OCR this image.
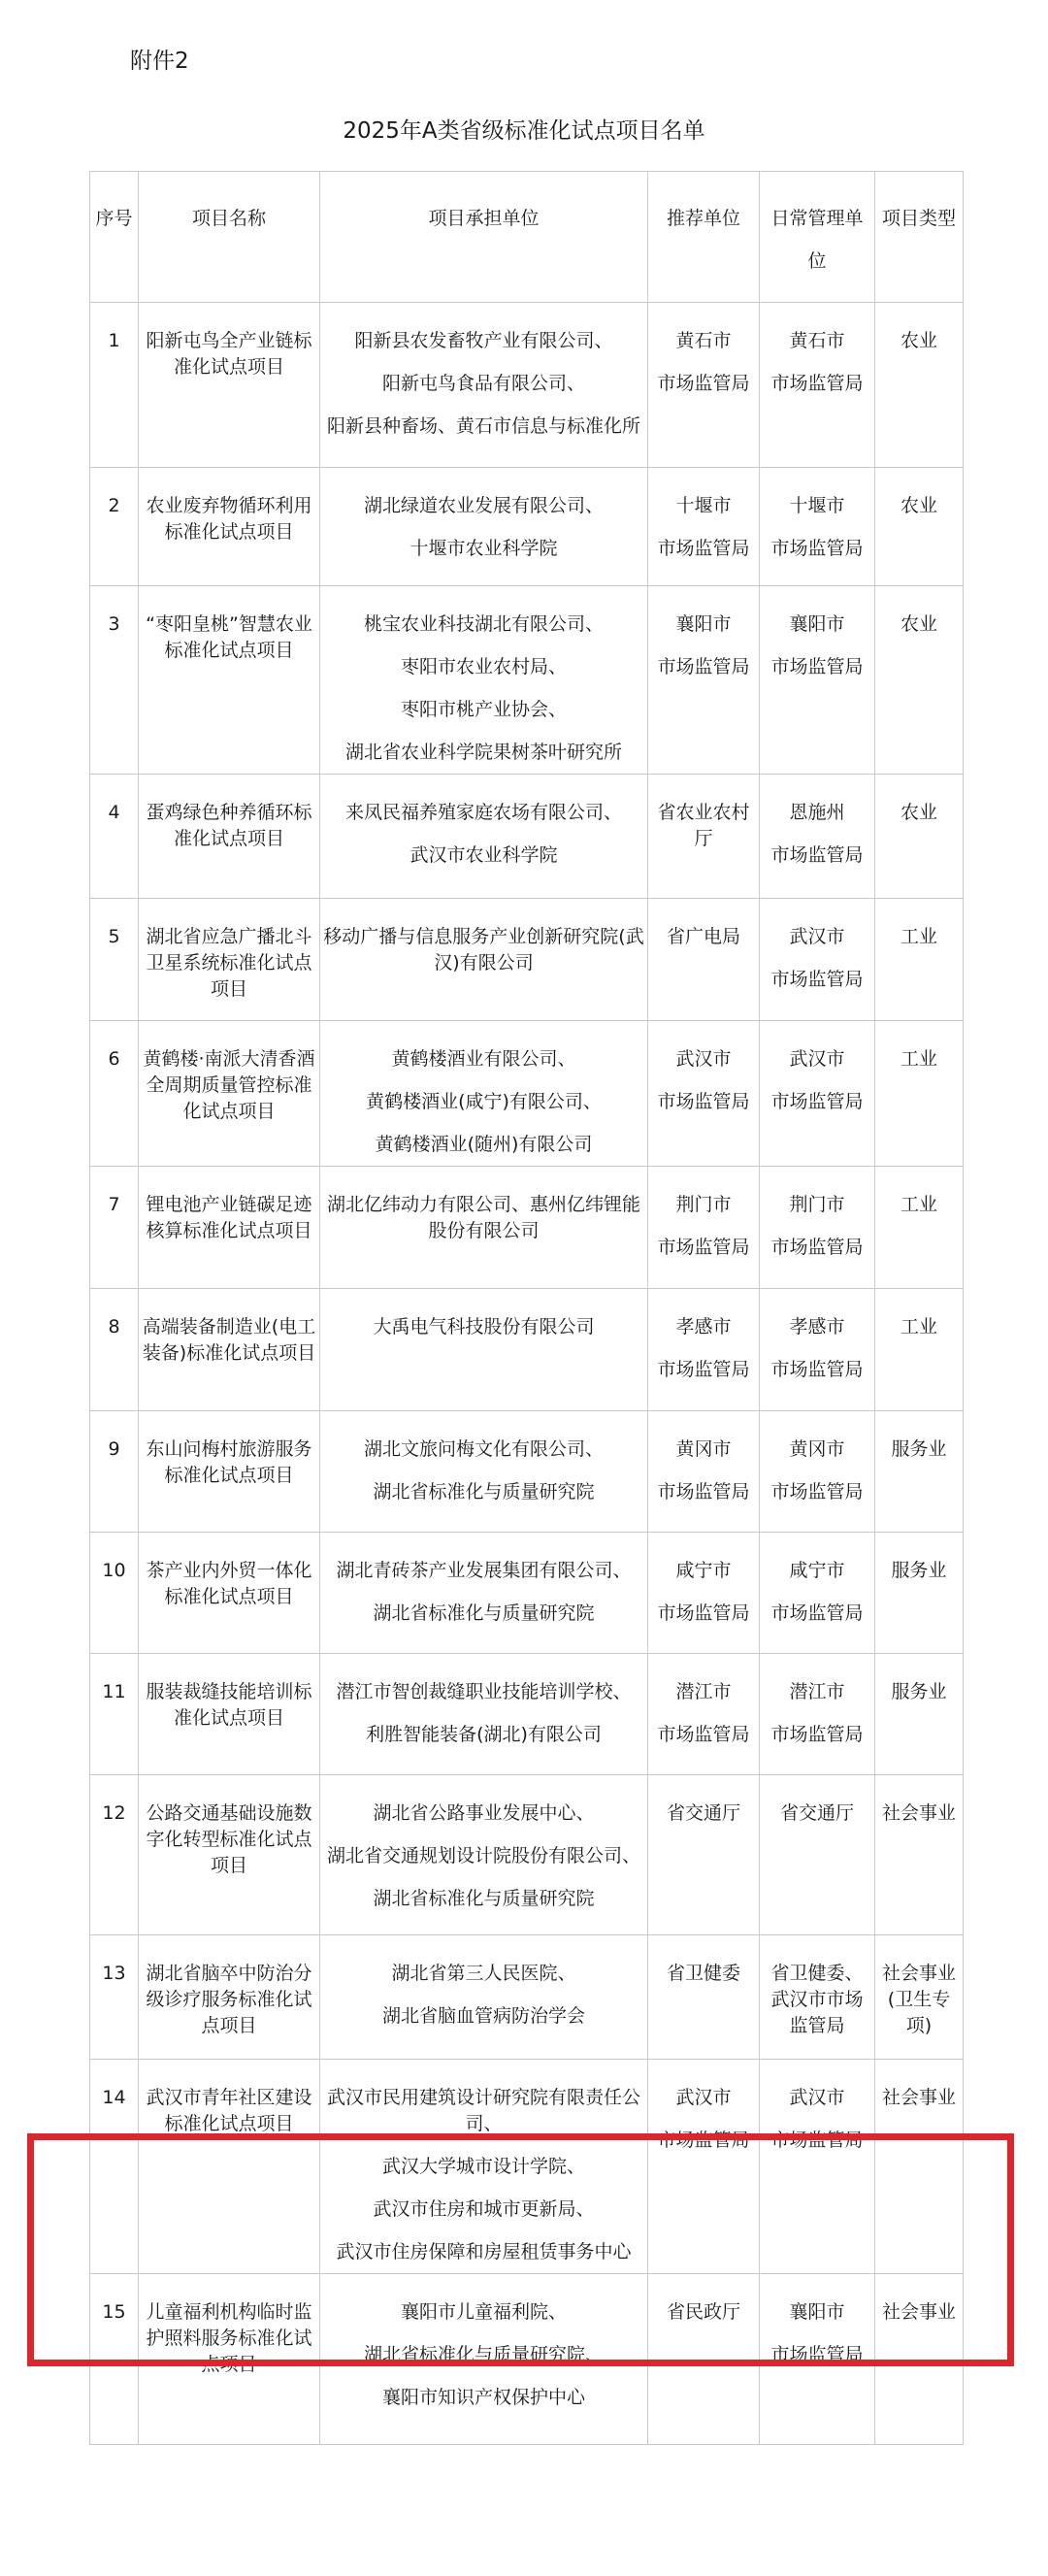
附件2
2025年A类省级标准化试点项目名单
序号	项目名称	项目承担单位	推荐单位	日常管理单位	项目类型
1	阳新屯鸟全产业链标准化试点项目	阳新县农发畜牧产业有限公司、
阳新屯鸟食品有限公司、
阳新县种畜场、黄石市信息与标准化所	黄石市
市场监管局	黄石市
市场监管局	农业
2	农业废弃物循环利用标准化试点项目	湖北绿道农业发展有限公司、
十堰市农业科学院	十堰市
市场监管局	十堰市
市场监管局	农业
3	“枣阳皇桃”智慧农业标准化试点项目	桃宝农业科技湖北有限公司、
枣阳市农业农村局、
枣阳市桃产业协会、
湖北省农业科学院果树茶叶研究所	襄阳市
市场监管局	襄阳市
市场监管局	农业
4	蛋鸡绿色种养循环标准化试点项目	来凤民福养殖家庭农场有限公司、
武汉市农业科学院	省农业农村厅	恩施州
市场监管局	农业
5	湖北省应急广播北斗卫星系统标准化试点项目	移动广播与信息服务产业创新研究院(武汉)有限公司	省广电局	武汉市
市场监管局	工业
6	黄鹤楼·南派大清香酒全周期质量管控标准化试点项目	黄鹤楼酒业有限公司、
黄鹤楼酒业(咸宁)有限公司、
黄鹤楼酒业(随州)有限公司	武汉市
市场监管局	武汉市
市场监管局	工业
7	锂电池产业链碳足迹核算标准化试点项目	湖北亿纬动力有限公司、惠州亿纬锂能股份有限公司	荆门市
市场监管局	荆门市
市场监管局	工业
8	高端装备制造业(电工装备)标准化试点项目	大禹电气科技股份有限公司	孝感市
市场监管局	孝感市
市场监管局	工业
9	东山问梅村旅游服务标准化试点项目	湖北文旅问梅文化有限公司、
湖北省标准化与质量研究院	黄冈市
市场监管局	黄冈市
市场监管局	服务业
10	茶产业内外贸一体化标准化试点项目	湖北青砖茶产业发展集团有限公司、
湖北省标准化与质量研究院	咸宁市
市场监管局	咸宁市
市场监管局	服务业
11	服装裁缝技能培训标准化试点项目	潜江市智创裁缝职业技能培训学校、
利胜智能装备(湖北)有限公司	潜江市
市场监管局	潜江市
市场监管局	服务业
12	公路交通基础设施数字化转型标准化试点项目	湖北省公路事业发展中心、
湖北省交通规划设计院股份有限公司、
湖北省标准化与质量研究院	省交通厅	省交通厅	社会事业
13	湖北省脑卒中防治分级诊疗服务标准化试点项目	湖北省第三人民医院、
湖北省脑血管病防治学会	省卫健委	省卫健委、武汉市市场监管局	社会事业(卫生专项)
14	武汉市青年社区建设标准化试点项目	武汉市民用建筑设计研究院有限责任公司、
武汉大学城市设计学院、
武汉市住房和城市更新局、
武汉市住房保障和房屋租赁事务中心	武汉市
市场监管局	武汉市
市场监管局	社会事业
15	儿童福利机构临时监护照料服务标准化试点项目	襄阳市儿童福利院、
湖北省标准化与质量研究院、
襄阳市知识产权保护中心	省民政厅	襄阳市
市场监管局	社会事业
